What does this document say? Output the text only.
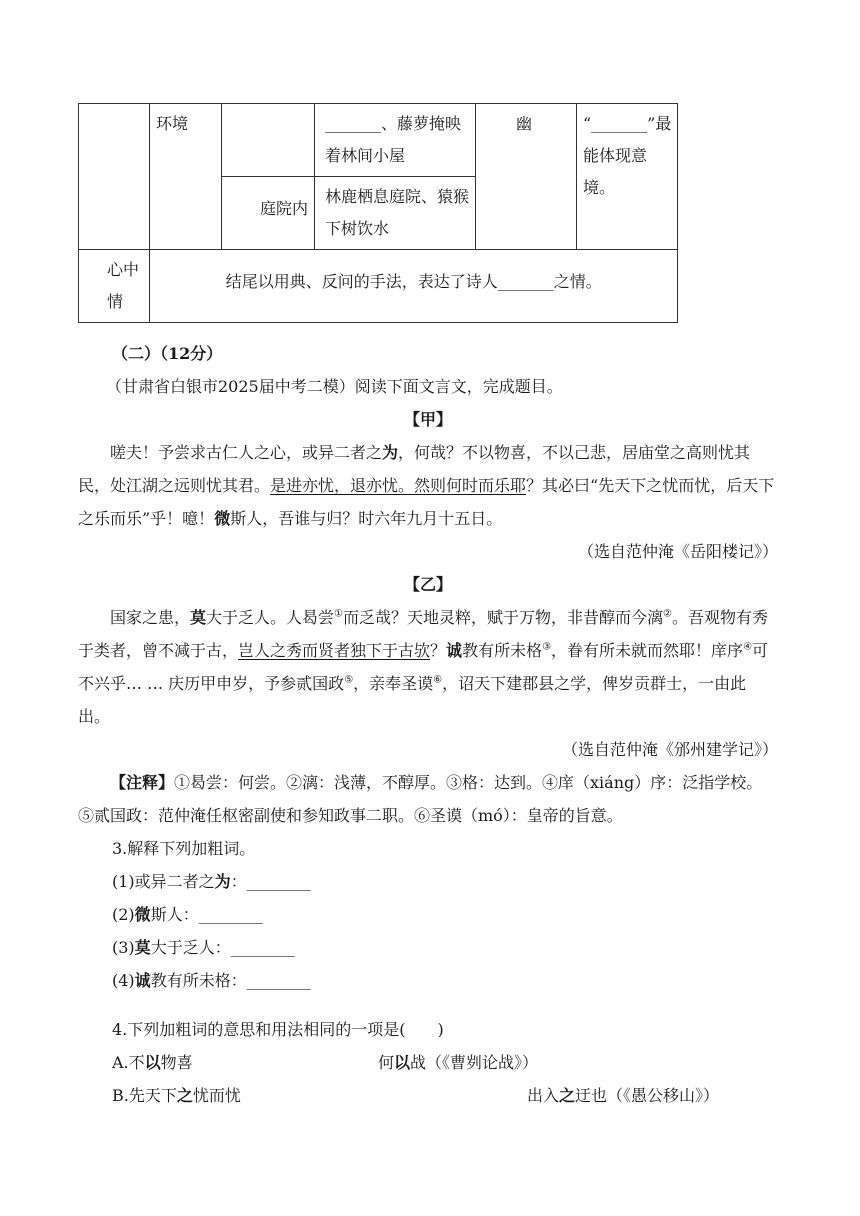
	环境		_______、藤萝掩映着林间小屋	幽	“_______”最能体现意境。

		庭院内	林鹿栖息庭院、猿猴下树饮水		

心中情	结尾以用典、反问的手法，表达了诗人_______之情。				
（二）（12分）
（甘肃省白银市2025届中考二模）阅读下面文言文，完成题目。
【甲】
嗟夫！予尝求古仁人之心，或异二者之为，何哉？不以物喜，不以己悲，居庙堂之高则忧其民，处江湖之远则忧其君。是进亦忧，退亦忧。然则何时而乐耶？其必曰“先天下之忧而忧，后天下之乐而乐”乎！噫！微斯人，吾谁与归？时六年九月十五日。
（选自范仲淹《岳阳楼记》）
【乙】
国家之患，莫大于乏人。人曷尝①而乏哉？天地灵粹，赋于万物，非昔醇而今漓②。吾观物有秀于类者，曾不减于古，岂人之秀而贤者独下于古欤？诚教有所未格③，眷有所未就而然耶！庠序④可不兴乎… … 庆历甲申岁，予参贰国政⑤，亲奉圣谟⑥，诏天下建郡县之学，俾岁贡群士，一由此出。
（选自范仲淹《邠州建学记》）
【注释】①曷尝：何尝。②漓：浅薄，不醇厚。③格：达到。④庠（xiáng）序：泛指学校。⑤贰国政：范仲淹任枢密副使和参知政事二职。⑥圣谟（mó）：皇帝的旨意。
3.解释下列加粗词。
(1)或异二者之为：________
(2)微斯人：________
(3)莫大于乏人：________
(4)诚教有所未格：________
4.下列加粗词的意思和用法相同的一项是(　　)
A.不以物喜	何以战（《曹刿论战》）
B.先天下之忧而忧	出入之迂也（《愚公移山》）
